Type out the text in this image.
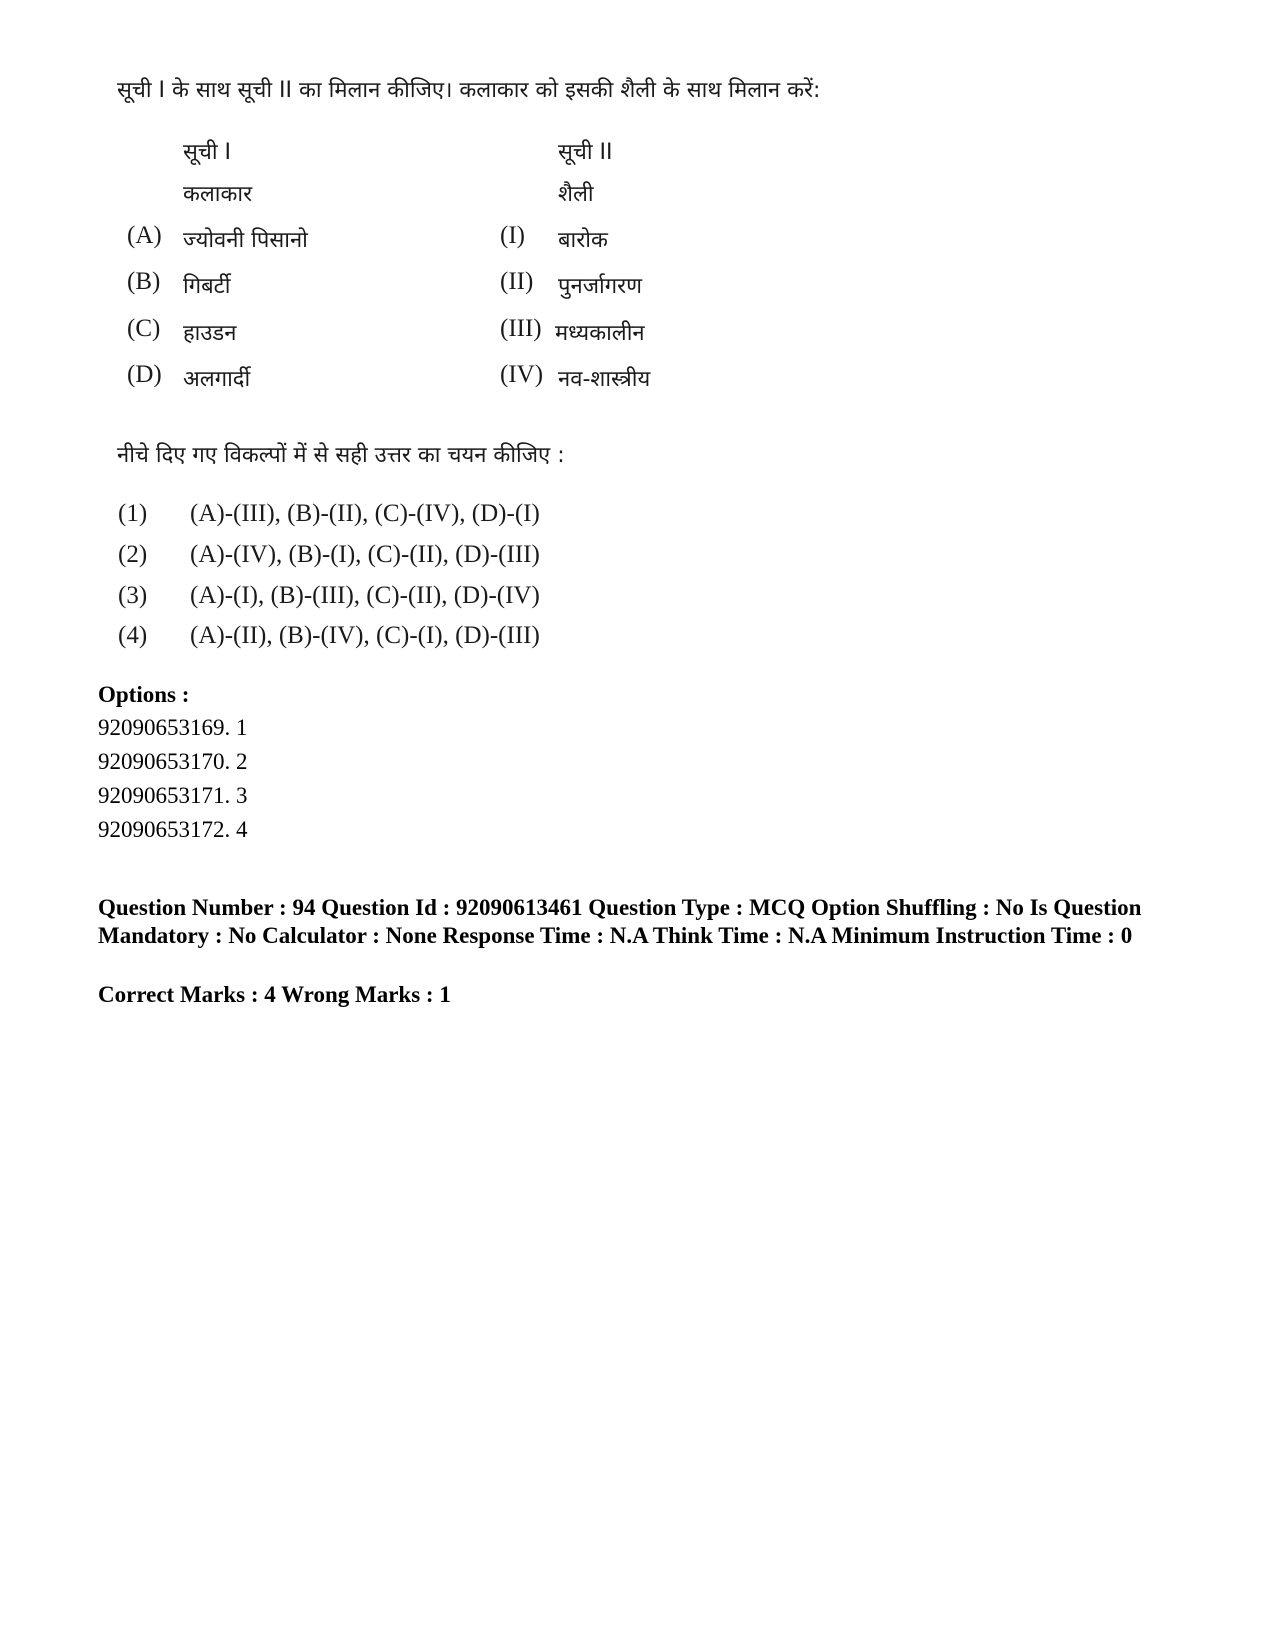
सूची I के साथ सूची II का मिलान कीजिए। कलाकार को इसकी शैली के साथ मिलान करें:
सूची I
कलाकार
सूची II
शैली
(A) ज्योवनी पिसानो
(B) गिबर्टी
(C) हाउडन
(D) अलगार्दी
(I) बारोक
(II) पुनर्जागरण
(III) मध्यकालीन
(IV) नव-शास्त्रीय
नीचे दिए गए विकल्पों में से सही उत्तर का चयन कीजिए :
(1) (A)-(III), (B)-(II), (C)-(IV), (D)-(I)
(2) (A)-(IV), (B)-(I), (C)-(II), (D)-(III)
(3) (A)-(I), (B)-(III), (C)-(II), (D)-(IV)
(4) (A)-(II), (B)-(IV), (C)-(I), (D)-(III)
Options :
92090653169. 1
92090653170. 2
92090653171. 3
92090653172. 4
Question Number : 94 Question Id : 92090613461 Question Type : MCQ Option Shuffling : No Is Question Mandatory : No Calculator : None Response Time : N.A Think Time : N.A Minimum Instruction Time : 0
Correct Marks : 4 Wrong Marks : 1
